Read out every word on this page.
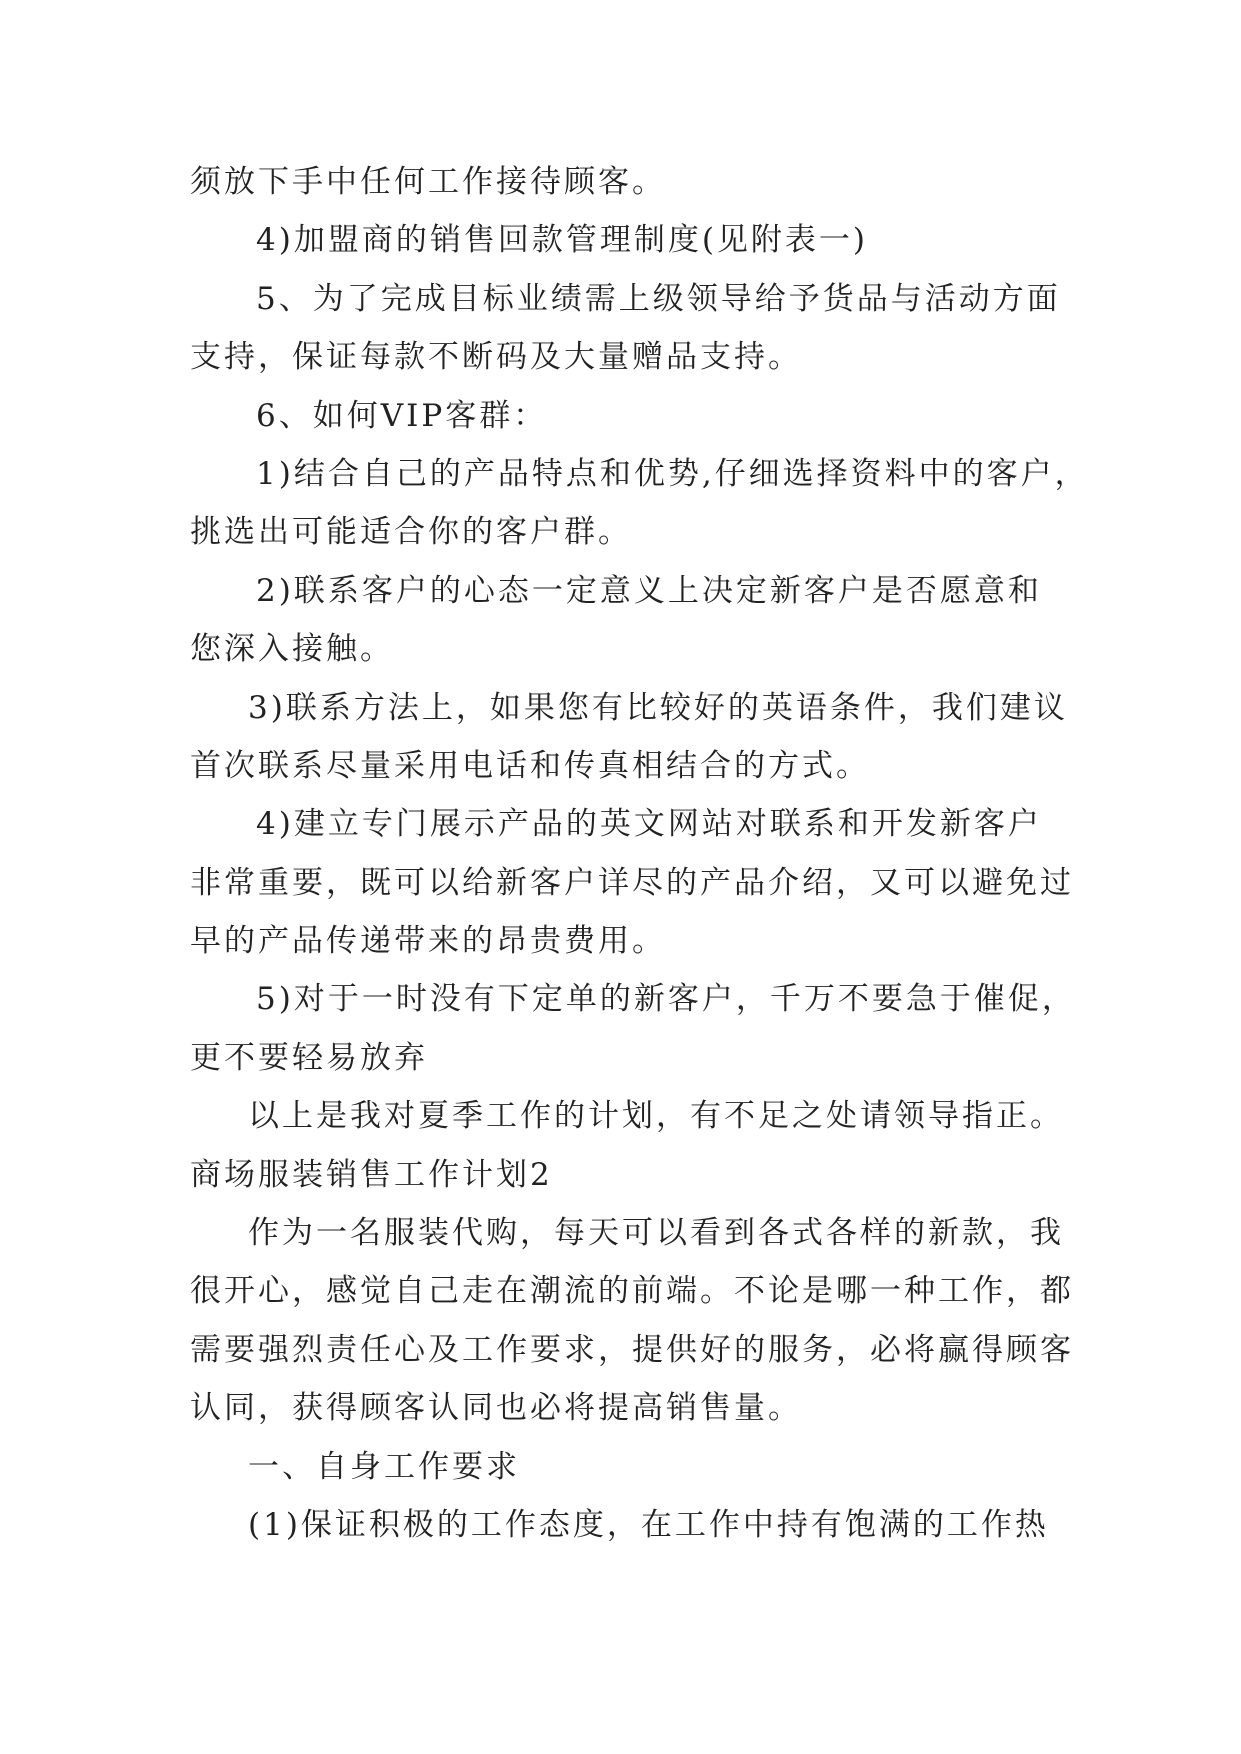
须放下手中任何工作接待顾客。
4)加盟商的销售回款管理制度(见附表一)
5、为了完成目标业绩需上级领导给予货品与活动方面
支持，保证每款不断码及大量赠品支持。
6、如何VIP客群：
1)结合自己的产品特点和优势,仔细选择资料中的客户，
挑选出可能适合你的客户群。
2)联系客户的心态一定意义上决定新客户是否愿意和
您深入接触。
3)联系方法上，如果您有比较好的英语条件，我们建议
首次联系尽量采用电话和传真相结合的方式。
4)建立专门展示产品的英文网站对联系和开发新客户
非常重要，既可以给新客户详尽的产品介绍，又可以避免过
早的产品传递带来的昂贵费用。
5)对于一时没有下定单的新客户，千万不要急于催促，
更不要轻易放弃
以上是我对夏季工作的计划，有不足之处请领导指正。
商场服装销售工作计划2
作为一名服装代购，每天可以看到各式各样的新款，我
很开心，感觉自己走在潮流的前端。不论是哪一种工作，都
需要强烈责任心及工作要求，提供好的服务，必将赢得顾客
认同，获得顾客认同也必将提高销售量。
一、自身工作要求
(1)保证积极的工作态度，在工作中持有饱满的工作热
